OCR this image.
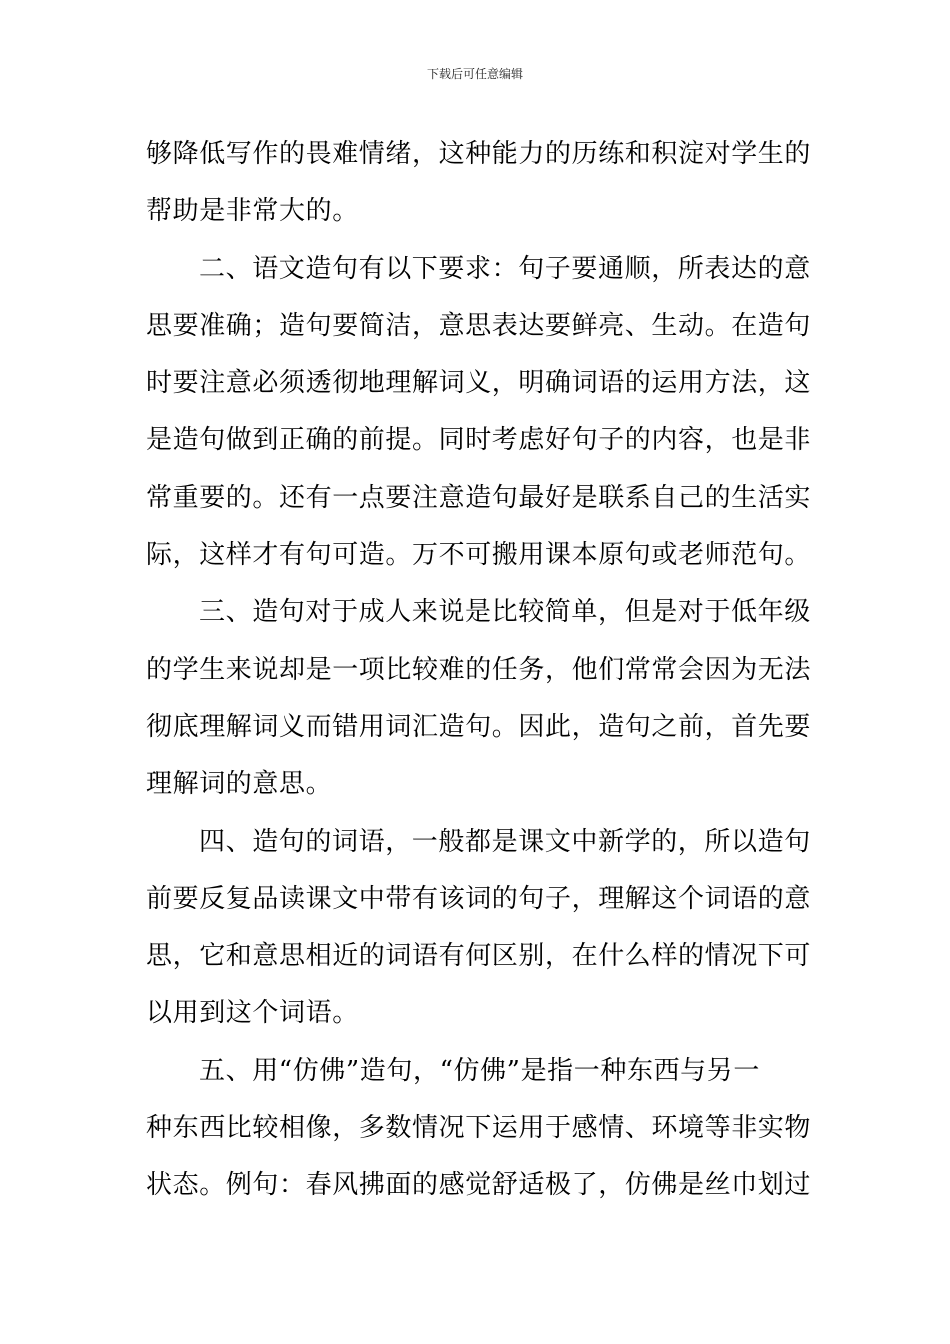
下载后可任意编辑
够降低写作的畏难情绪，这种能力的历练和积淀对学生的
帮助是非常大的。
二、语文造句有以下要求：句子要通顺，所表达的意
思要准确；造句要简洁，意思表达要鲜亮、生动。在造句
时要注意必须透彻地理解词义，明确词语的运用方法，这
是造句做到正确的前提。同时考虑好句子的内容，也是非
常重要的。还有一点要注意造句最好是联系自己的生活实
际，这样才有句可造。万不可搬用课本原句或老师范句。
三、造句对于成人来说是比较简单，但是对于低年级
的学生来说却是一项比较难的任务，他们常常会因为无法
彻底理解词义而错用词汇造句。因此，造句之前，首先要
理解词的意思。
四、造句的词语，一般都是课文中新学的，所以造句
前要反复品读课文中带有该词的句子，理解这个词语的意
思，它和意思相近的词语有何区别，在什么样的情况下可
以用到这个词语。
五、用“仿佛”造句，“仿佛”是指一种东西与另一
种东西比较相像，多数情况下运用于感情、环境等非实物
状态。例句：春风拂面的感觉舒适极了，仿佛是丝巾划过
